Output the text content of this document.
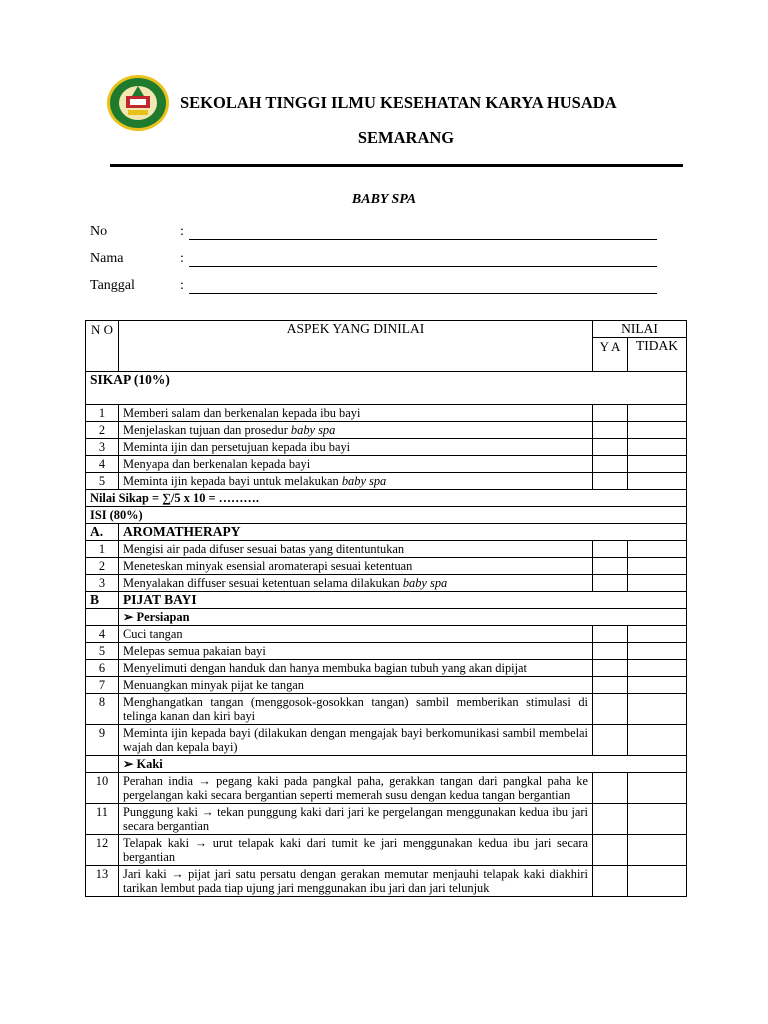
SEKOLAH TINGGI ILMU KESEHATAN KARYA HUSADA
SEMARANG
BABY SPA
No	:
Nama	:
Tanggal	:
N O	ASPEK YANG DINILAI	NILAI	
		Y A	TIDAK
SIKAP (10%)			
1	Memberi salam dan berkenalan kepada ibu bayi		
2	Menjelaskan tujuan dan prosedur baby spa		
3	Meminta ijin dan persetujuan kepada ibu bayi		
4	Menyapa dan berkenalan kepada bayi		
5	Meminta ijin kepada bayi untuk melakukan baby spa		
Nilai Sikap = ∑/5 x 10 = ……….			
ISI (80%)			
A.	AROMATHERAPY		
1	Mengisi air pada difuser sesuai batas yang ditentuntukan		
2	Meneteskan minyak esensial aromaterapi sesuai ketentuan		
3	Menyalakan diffuser sesuai ketentuan selama dilakukan baby spa		
B	PIJAT BAYI		
	➢ Persiapan		
4	Cuci tangan		
5	Melepas semua pakaian bayi		
6	Menyelimuti dengan handuk dan hanya membuka bagian tubuh yang akan dipijat		
7	Menuangkan minyak pijat ke tangan		
8	Menghangatkan tangan (menggosok-gosokkan tangan) sambil memberikan stimulasi di telinga kanan dan kiri bayi		
9	Meminta ijin kepada bayi (dilakukan dengan mengajak bayi berkomunikasi sambil membelai wajah dan kepala bayi)		
	➢ Kaki		
10	Perahan india → pegang kaki pada pangkal paha, gerakkan tangan dari pangkal paha ke pergelangan kaki secara bergantian seperti memerah susu dengan kedua tangan bergantian		
11	Punggung kaki → tekan punggung kaki dari jari ke pergelangan menggunakan kedua ibu jari secara bergantian		
12	Telapak kaki → urut telapak kaki dari tumit ke jari menggunakan kedua ibu jari secara bergantian		
13	Jari kaki → pijat jari satu persatu dengan gerakan memutar menjauhi telapak kaki diakhiri tarikan lembut pada tiap ujung jari menggunakan ibu jari dan jari telunjuk		
